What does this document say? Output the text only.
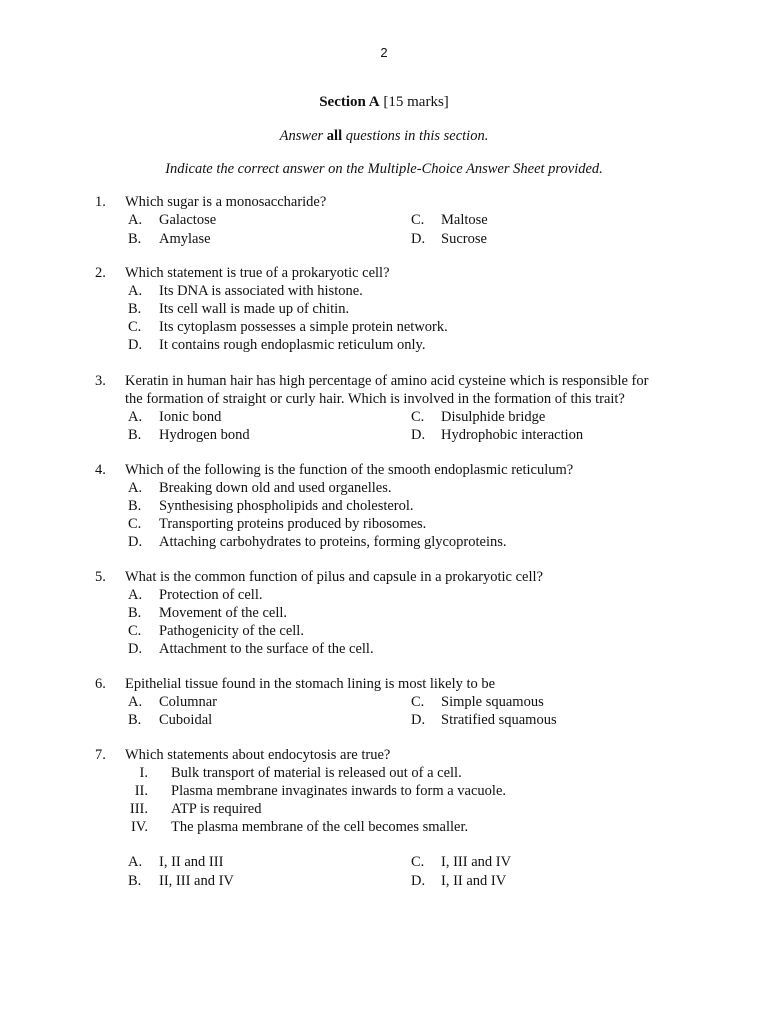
2
Section A [15 marks]
Answer all questions in this section.
Indicate the correct answer on the Multiple-Choice Answer Sheet provided.
1. Which sugar is a monosaccharide?
A. Galactose	C. Maltose
B. Amylase	D. Sucrose
2. Which statement is true of a prokaryotic cell?
A. Its DNA is associated with histone.
B. Its cell wall is made up of chitin.
C. Its cytoplasm possesses a simple protein network.
D. It contains rough endoplasmic reticulum only.
3. Keratin in human hair has high percentage of amino acid cysteine which is responsible for
the formation of straight or curly hair. Which is involved in the formation of this trait?
A. Ionic bond	C. Disulphide bridge
B. Hydrogen bond	D. Hydrophobic interaction
4. Which of the following is the function of the smooth endoplasmic reticulum?
A. Breaking down old and used organelles.
B. Synthesising phospholipids and cholesterol.
C. Transporting proteins produced by ribosomes.
D. Attaching carbohydrates to proteins, forming glycoproteins.
5. What is the common function of pilus and capsule in a prokaryotic cell?
A. Protection of cell.
B. Movement of the cell.
C. Pathogenicity of the cell.
D. Attachment to the surface of the cell.
6. Epithelial tissue found in the stomach lining is most likely to be
A. Columnar	C. Simple squamous
B. Cuboidal	D. Stratified squamous
7. Which statements about endocytosis are true?
I. Bulk transport of material is released out of a cell.
II. Plasma membrane invaginates inwards to form a vacuole.
III. ATP is required
IV. The plasma membrane of the cell becomes smaller.
A. I, II and III	C. I, III and IV
B. II, III and IV	D. I, II and IV
